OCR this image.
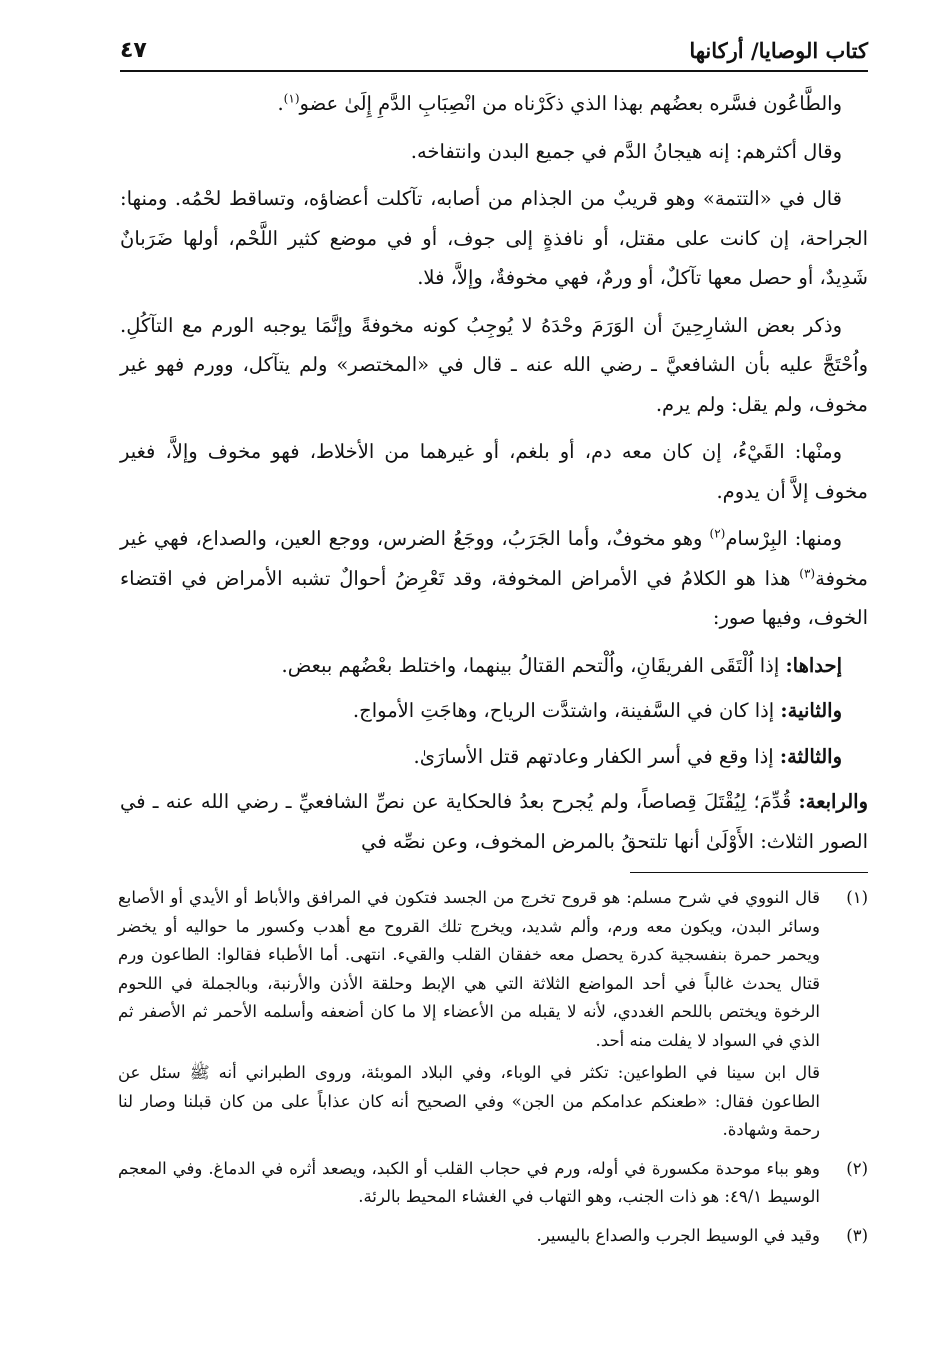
كتاب الوصايا/ أركانها
٤٧

والطَّاعُون فسَّره بعضُهم بهذا الذي ذكَرْناه من انْصِبَابِ الدَّمِ إِلَىٰ عضو$^{(١)}$.

وقال أكثرهم: إنه هيجانُ الدَّم في جميع البدن وانتفاخه.

قال في «التتمة» وهو قريبٌ من الجذام من أصابه، تآكلت أعضاؤه، وتساقط لحْمُه. ومنها: الجراحة، إن كانت على مقتل، أو نافذةٍ إلى جوف، أو في موضع كثير اللَّحْم، أولها ضَرَبانٌ شَدِيدٌ، أو حصل معها تآكلٌ، أو ورمٌ، فهي مخوفةٌ، وإلاَّ، فلا.

وذكر بعض الشارِحِينَ أن الوَرَمَ وحْدَهُ لا يُوجِبُ كونه مخوفةً وإنَّمَا يوجبه الورم مع التآكُلِ. واُحْتَجَّ عليه بأن الشافعيَّ ـ رضي الله عنه ـ قال في «المختصر» ولم يتآكل، وورم فهو غير مخوف، ولم يقل: ولم يرم.

ومنْها: القَيْءُ، إن كان معه دم، أو بلغم، أو غيرهما من الأخلاط، فهو مخوف وإلاَّ، فغير مخوف إلاَّ أن يدوم.

ومنها: البِرْسام$^{(٢)}$ وهو مخوفٌ، وأما الجَرَبُ، ووجَعُ الضرس، ووجع العين، والصداع، فهي غير مخوفة$^{(٣)}$ هذا هو الكلامُ في الأمراض المخوفة، وقد تَعْرِضُ أحوالٌ تشبه الأمراض في اقتضاء الخوف، وفيها صور:

إحداها: إذا اُلْتَقَى الفريقَانِ، واُلْتحم القتالُ بينهما، واختلط بعْضُهم ببعض.

والثانية: إذا كان في السَّفينة، واشتدَّت الرياح، وهاجَتِ الأمواج.

والثالثة: إذا وقع في أسر الكفار وعادتهم قتل الأسارَىٰ.

والرابعة: قُدِّمَ؛ لِيُقْتَلَ قِصاصاً، ولم يُجرح بعدُ فالحكاية عن نصِّ الشافعيِّ ـ رضي الله عنه ـ في الصور الثلاث: الأَوْلَىٰ أنها تلتحقُ بالمرض المخوف، وعن نصِّه في

(١)

قال النووي في شرح مسلم: هو قروح تخرج من الجسد فتكون في المرافق والأباط أو الأيدي أو الأصابع وسائر البدن، ويكون معه ورم، وألم شديد، ويخرج تلك القروح مع أهدب وكسور ما حواليه أو يخضر ويحمر حمرة بنفسجية كدرة يحصل معه خفقان القلب والقيء. انتهى. أما الأطباء فقالوا: الطاعون ورم قتال يحدث غالباً في أحد المواضع الثلاثة التي هي الإبط وحلقة الأذن والأرنبة، وبالجملة في اللحوم الرخوة ويختص باللحم الغددي، لأنه لا يقبله من الأعضاء إلا ما كان أضعفه وأسلمه الأحمر ثم الأصفر ثم الذي في السواد لا يفلت منه أحد.

قال ابن سينا في الطواعين: تكثر في الوباء، وفي البلاد الموبئة، وروى الطبراني أنه ﷺ سئل عن الطاعون فقال: «طعنكم عدامكم من الجن» وفي الصحيح أنه كان عذاباً على من كان قبلنا وصار لنا رحمة وشهادة.

(٢)

وهو بباء موحدة مكسورة في أوله، ورم في حجاب القلب أو الكبد، ويصعد أثره في الدماغ. وفي المعجم الوسيط ٤٩/١: هو ذات الجنب، وهو التهاب في الغشاء المحيط بالرئة.

(٣)

وقيد في الوسيط الجرب والصداع باليسير.
